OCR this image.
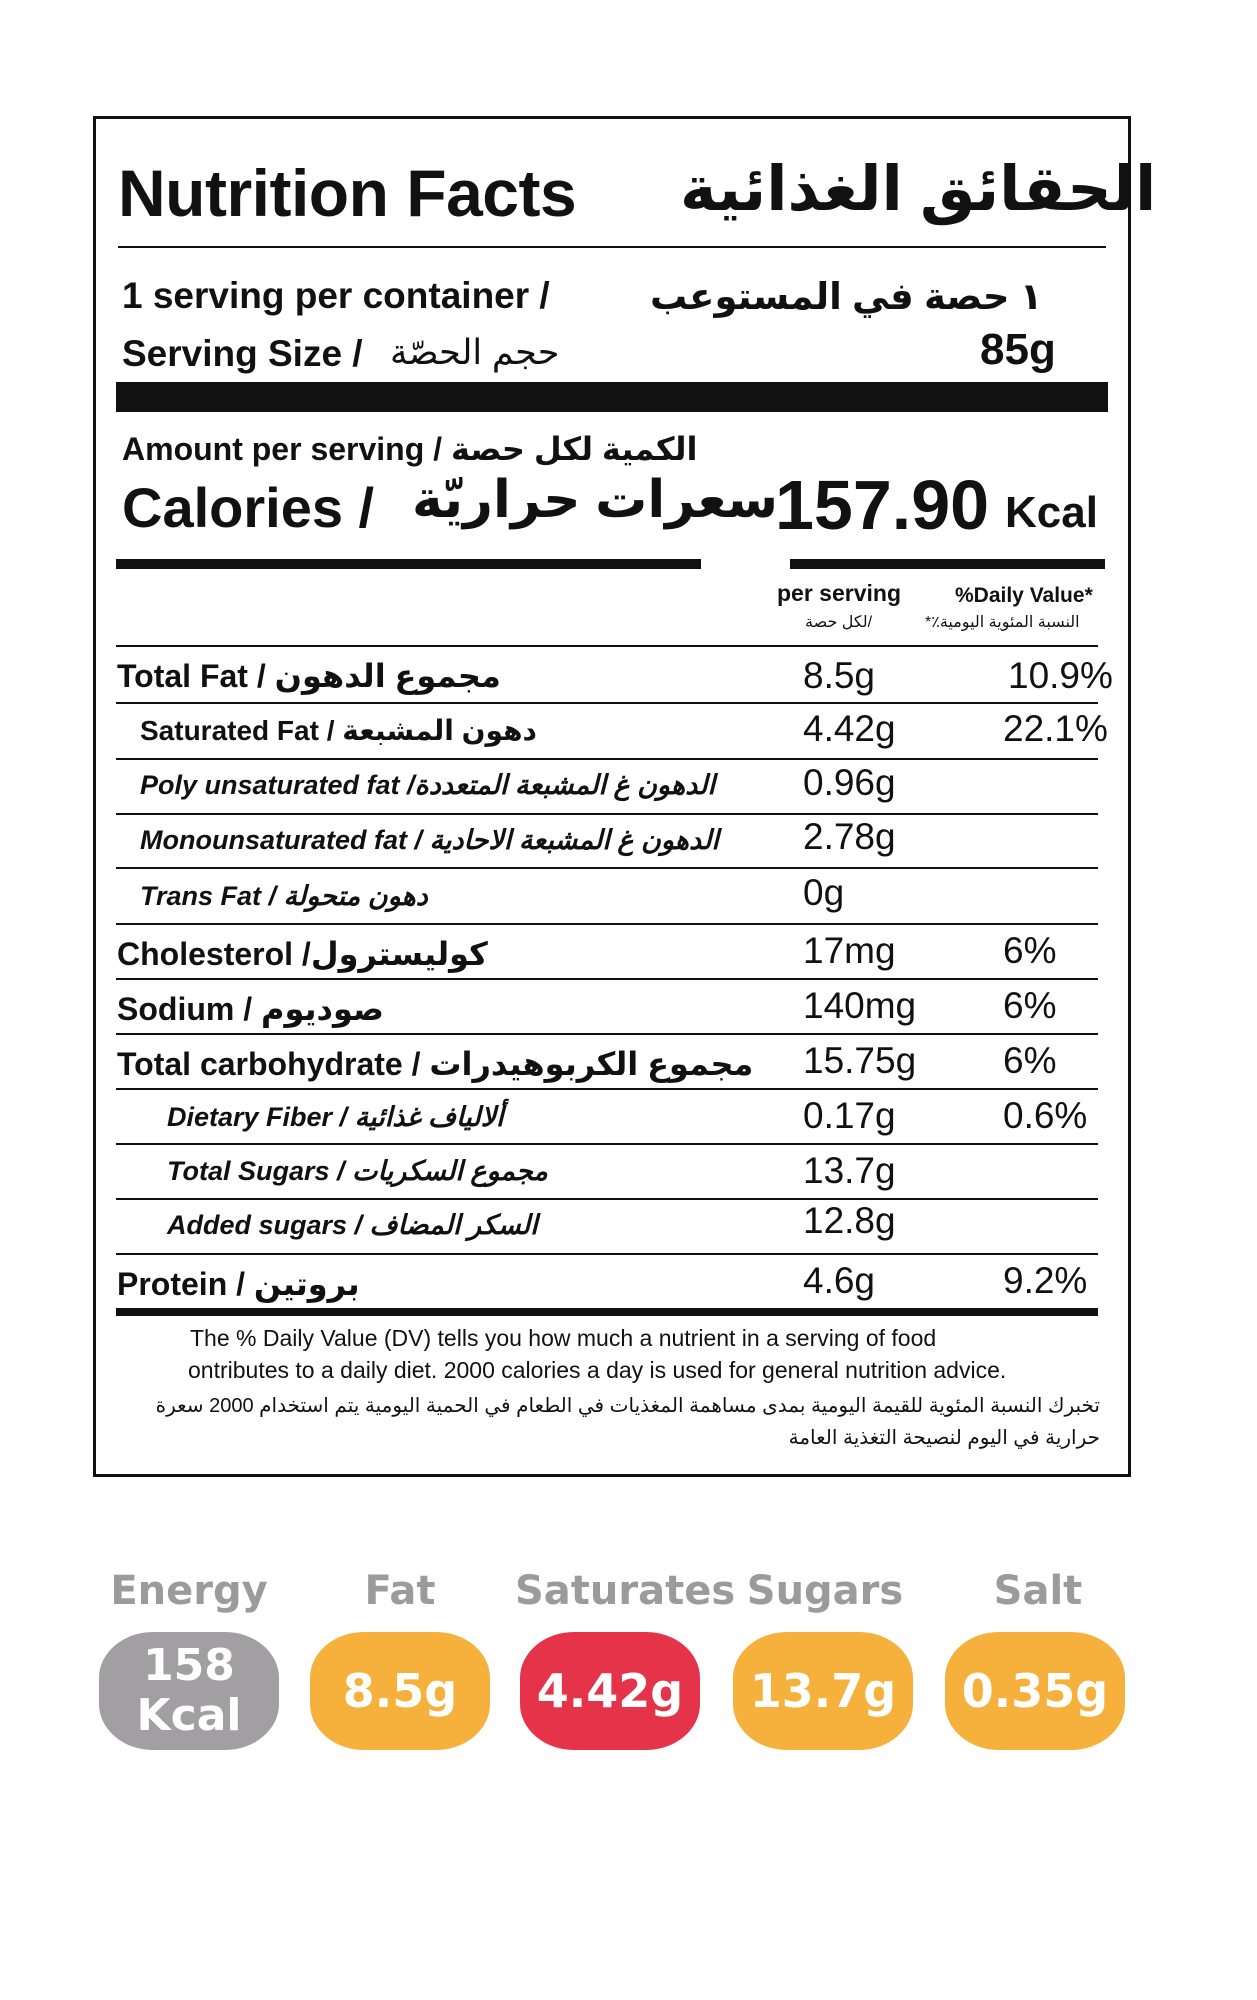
Nutrition Facts الحقائق الغذائية
1 serving per container /	١ حصة في المستوعب
Serving Size / حجم الحصّة	85g
Amount per serving / الكمية لكل حصة
Calories / سعرات حراريّة
157.90 Kcal
per serving
/لكل حصة
%Daily Value*
النسبة المئوية اليومية٪*
Total Fat / مجموع الدهون	8.5g	10.9%
Saturated Fat / دهون المشبعة	4.42g	22.1%
Poly unsaturated fat /الدهون غ المشبعة المتعددة 0.96g
Monounsaturated fat / الدهون غ المشبعة الاحادية 2.78g
Trans Fat / دهون متحولة	0g
Cholesterol /كوليسترول	17mg	6%
Sodium / صوديوم	140mg 6%
Total carbohydrate / مجموع الكربوهيدرات 15.75g 6%
Dietary Fiber / ألالياف غذائية	0.17g	0.6%
Total Sugars / مجموع السكريات	13.7g
Added sugars / السكر المضاف	12.8g
Protein / بروتين	4.6g	9.2%
The % Daily Value (DV) tells you how much a nutrient in a serving of food
ontributes to a daily diet. 2000 calories a day is used for general nutrition advice.
تخبرك النسبة المئوية للقيمة اليومية بمدى مساهمة المغذيات في الطعام في الحمية اليومية يتم استخدام 2000 سعرة
حرارية في اليوم لنصيحة التغذية العامة
Energy
158
Kcal
Fat
8.5g
Saturates
4.42g
Sugars
13.7g
Salt
0.35g
